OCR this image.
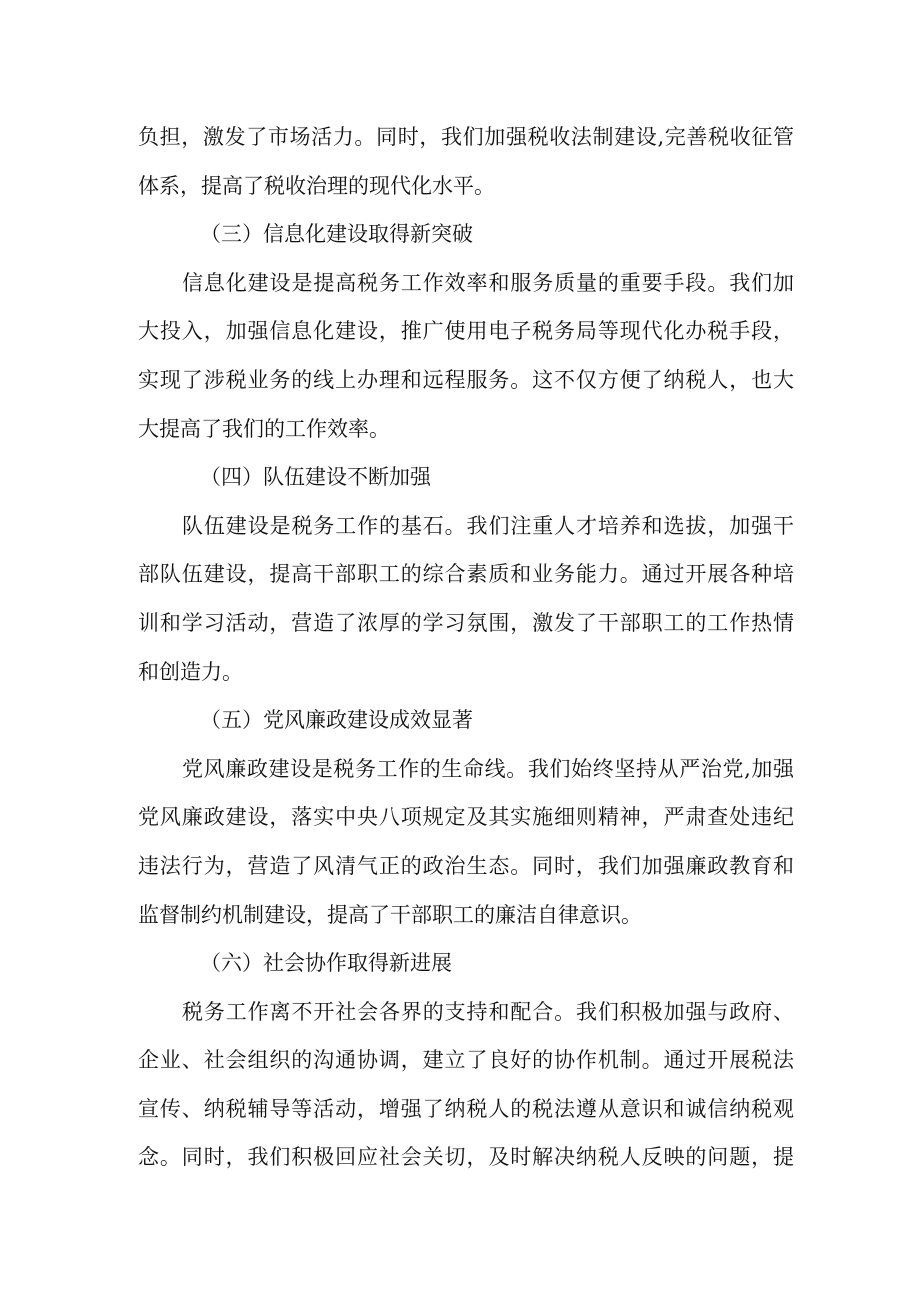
负担，激发了市场活力。同时，我们加强税收法制建设,完善税收征管
体系，提高了税收治理的现代化水平。
（三）信息化建设取得新突破
信息化建设是提高税务工作效率和服务质量的重要手段。我们加
大投入，加强信息化建设，推广使用电子税务局等现代化办税手段，
实现了涉税业务的线上办理和远程服务。这不仅方便了纳税人，也大
大提高了我们的工作效率。
（四）队伍建设不断加强
队伍建设是税务工作的基石。我们注重人才培养和选拔，加强干
部队伍建设，提高干部职工的综合素质和业务能力。通过开展各种培
训和学习活动，营造了浓厚的学习氛围，激发了干部职工的工作热情
和创造力。
（五）党风廉政建设成效显著
党风廉政建设是税务工作的生命线。我们始终坚持从严治党,加强
党风廉政建设，落实中央八项规定及其实施细则精神，严肃查处违纪
违法行为，营造了风清气正的政治生态。同时，我们加强廉政教育和
监督制约机制建设，提高了干部职工的廉洁自律意识。
（六）社会协作取得新进展
税务工作离不开社会各界的支持和配合。我们积极加强与政府、
企业、社会组织的沟通协调，建立了良好的协作机制。通过开展税法
宣传、纳税辅导等活动，增强了纳税人的税法遵从意识和诚信纳税观
念。同时，我们积极回应社会关切，及时解决纳税人反映的问题，提
